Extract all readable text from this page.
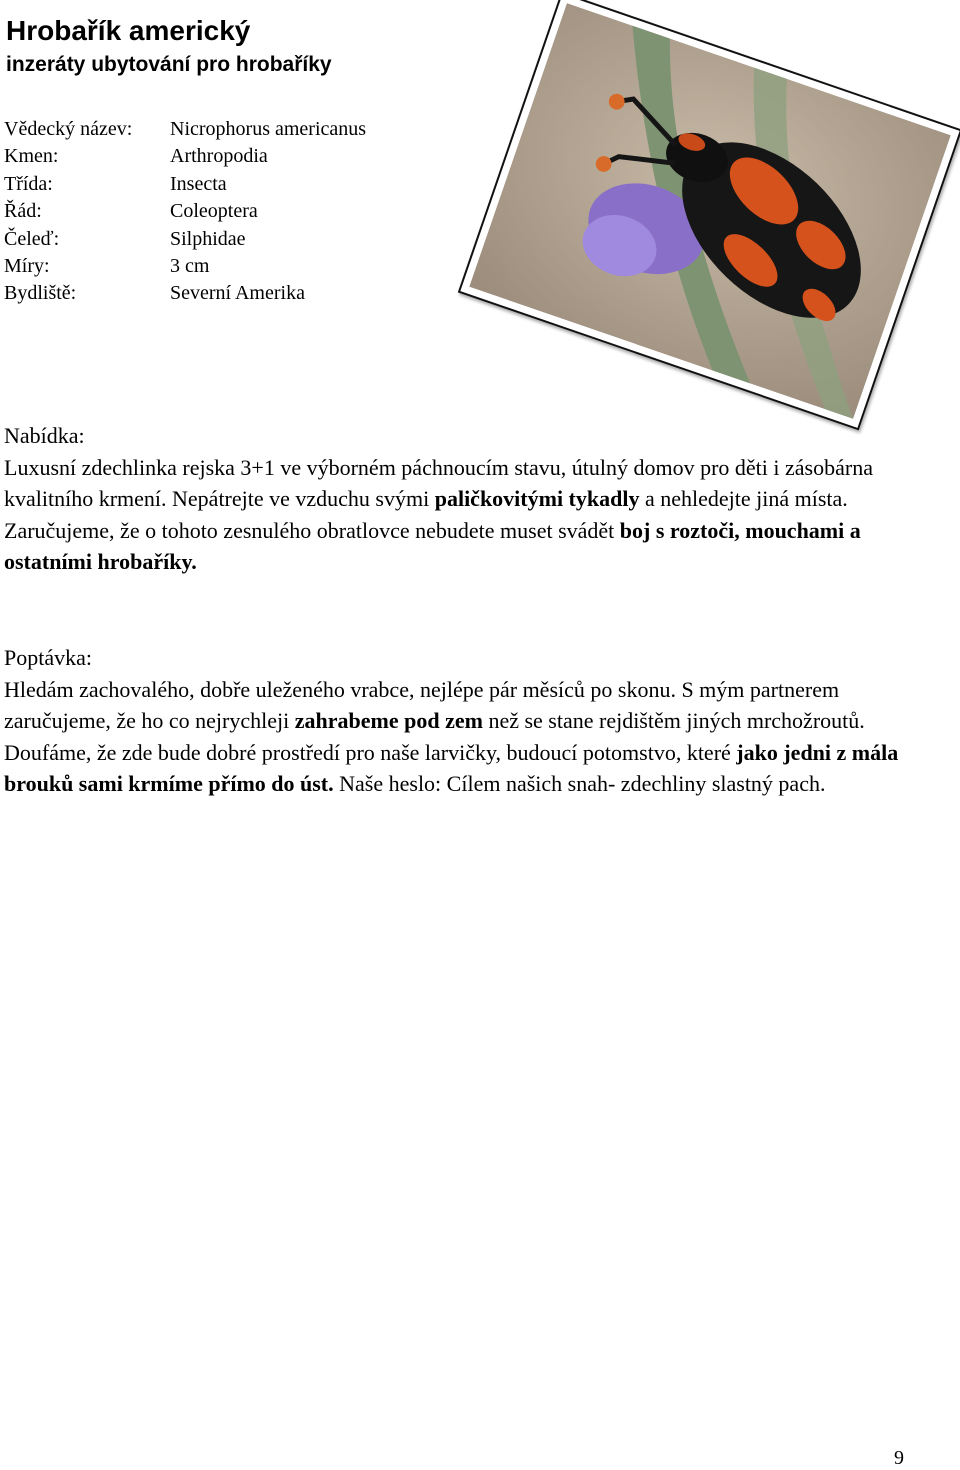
Hrobařík americký
inzeráty ubytování pro hrobaříky
Vědecký název:	Nicrophorus americanus
Kmen:	Arthropodia
Třída:	Insecta
Řád:	Coleoptera
Čeleď:	Silphidae
Míry:	3 cm
Bydliště:	Severní Amerika
Nabídka:

Luxusní zdechlinka rejska 3+1 ve výborném páchnoucím stavu, útulný domov pro děti i zásobárna kvalitního krmení. Nepátrejte ve vzduchu svými paličkovitými tykadly a nehledejte jiná místa. Zaručujeme, že o tohoto zesnulého obratlovce nebudete muset svádět boj s roztoči, mouchami a ostatními hrobaříky.

Poptávka:

Hledám zachovalého, dobře uleženého vrabce, nejlépe pár měsíců po skonu. S mým partnerem zaručujeme, že ho co nejrychleji zahrabeme pod zem než se stane rejdištěm jiných mrchožroutů. Doufáme, že zde bude dobré prostředí pro naše larvičky, budoucí potomstvo, které jako jedni z mála brouků sami krmíme přímo do úst. Naše heslo: Cílem našich snah- zdechliny slastný pach.

9
